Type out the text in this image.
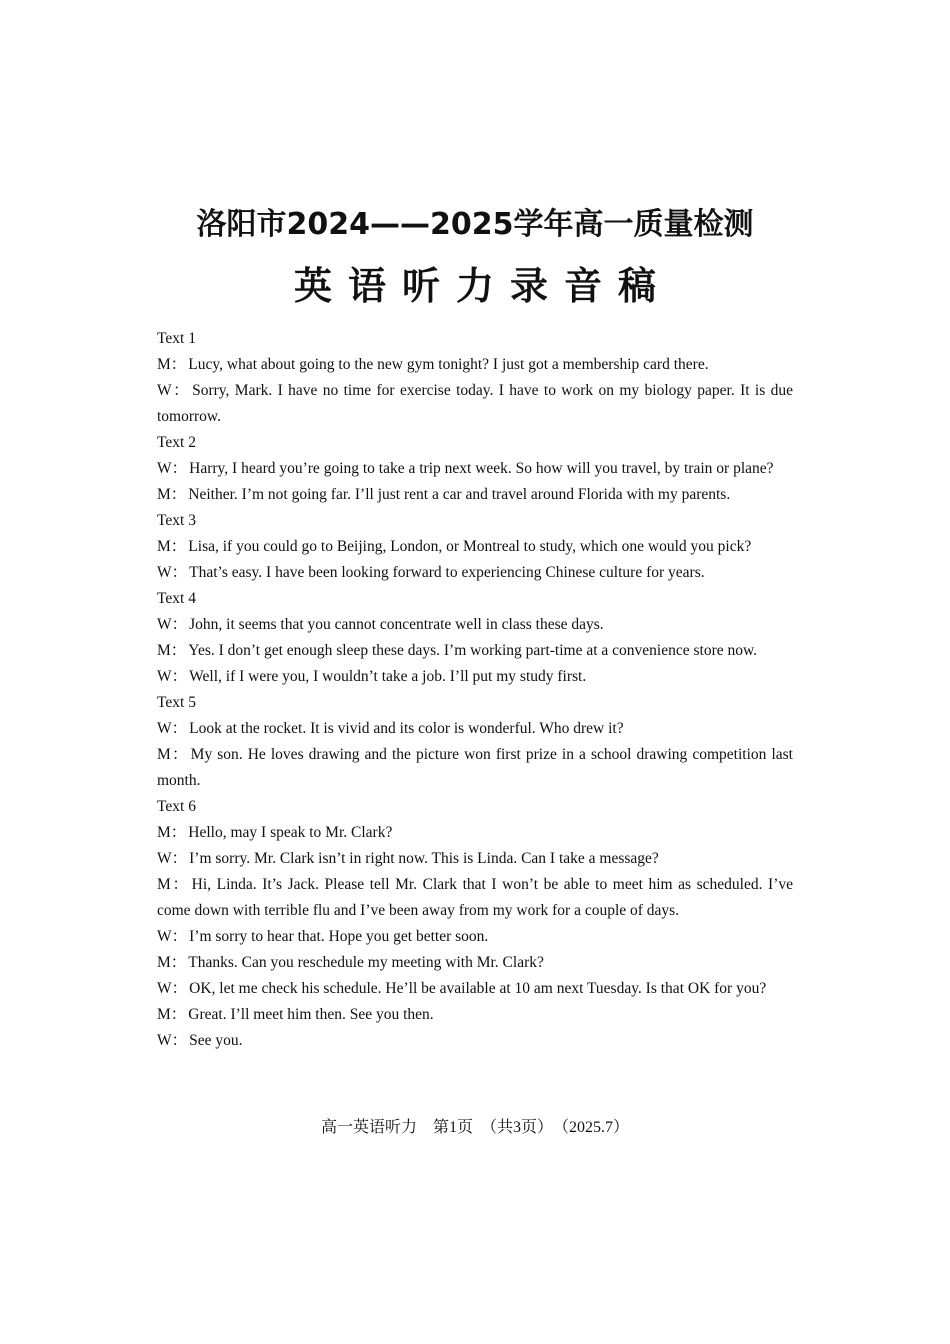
洛阳市2024——2025学年高一质量检测
英语听力录音稿
Text 1
M： Lucy, what about going to the new gym tonight? I just got a membership card there.
W： Sorry, Mark. I have no time for exercise today. I have to work on my biology paper. It is due tomorrow.
Text 2
W： Harry, I heard you’re going to take a trip next week. So how will you travel, by train or plane?
M： Neither. I’m not going far. I’ll just rent a car and travel around Florida with my parents.
Text 3
M： Lisa, if you could go to Beijing, London, or Montreal to study, which one would you pick?
W： That’s easy. I have been looking forward to experiencing Chinese culture for years.
Text 4
W： John, it seems that you cannot concentrate well in class these days.
M： Yes. I don’t get enough sleep these days. I’m working part-time at a convenience store now.
W： Well, if I were you, I wouldn’t take a job. I’ll put my study first.
Text 5
W： Look at the rocket. It is vivid and its color is wonderful. Who drew it?
M： My son. He loves drawing and the picture won first prize in a school drawing competition last month.
Text 6
M： Hello, may I speak to Mr. Clark?
W： I’m sorry. Mr. Clark isn’t in right now. This is Linda. Can I take a message?
M： Hi, Linda. It’s Jack. Please tell Mr. Clark that I won’t be able to meet him as scheduled. I’ve come down with terrible flu and I’ve been away from my work for a couple of days.
W： I’m sorry to hear that. Hope you get better soon.
M： Thanks. Can you reschedule my meeting with Mr. Clark?
W： OK, let me check his schedule. He’ll be available at 10 am next Tuesday. Is that OK for you?
M： Great. I’ll meet him then. See you then.
W： See you.
高一英语听力　第1页　（共3页）　（2025.7）
